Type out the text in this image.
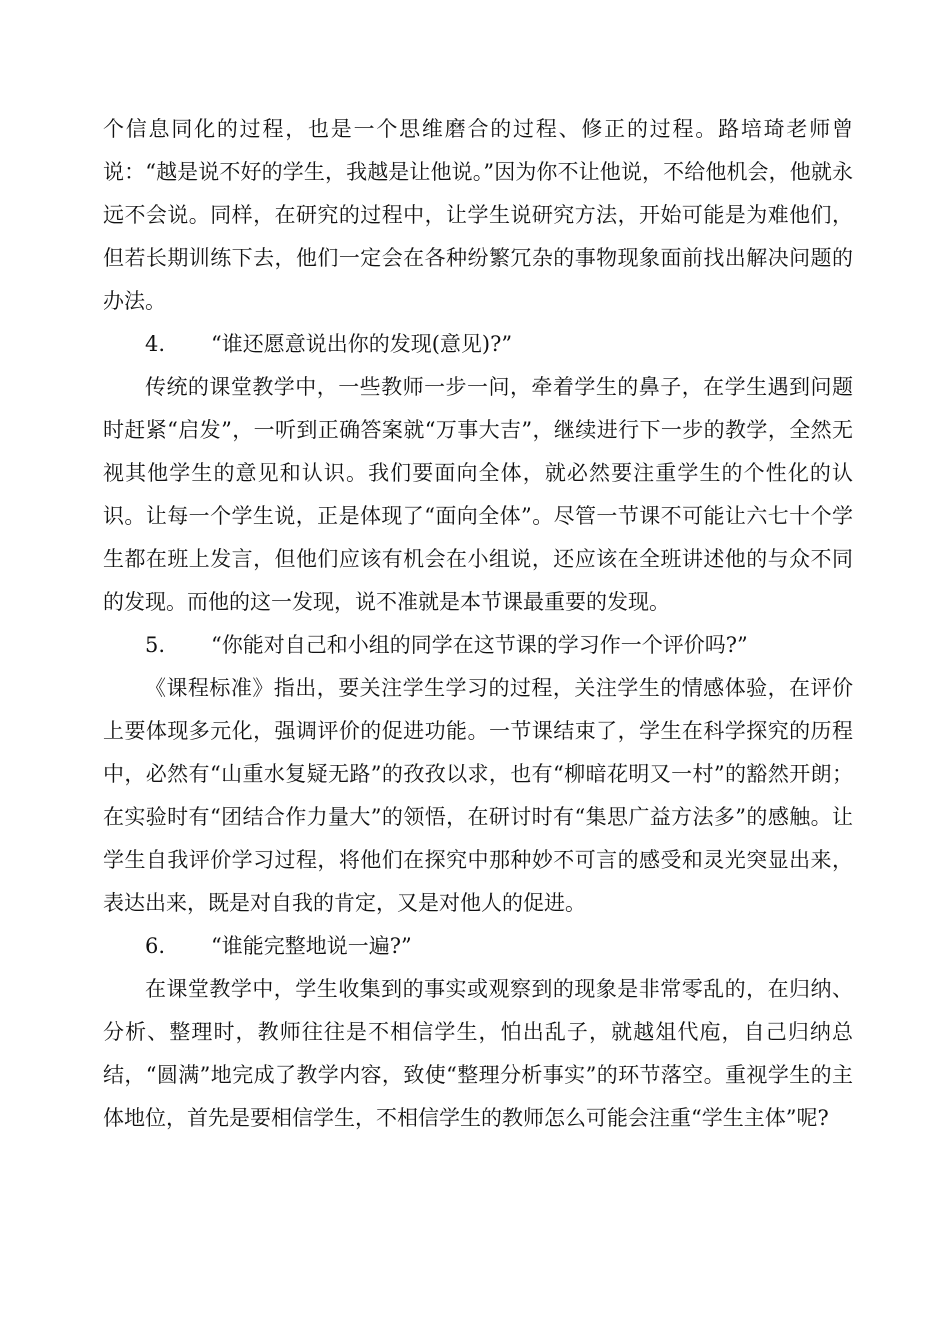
个信息同化的过程，也是一个思维磨合的过程、修正的过程。路培琦老师曾说：“越是说不好的学生，我越是让他说。”因为你不让他说，不给他机会，他就永远不会说。同样，在研究的过程中，让学生说研究方法，开始可能是为难他们，但若长期训练下去，他们一定会在各种纷繁冗杂的事物现象面前找出解决问题的办法。

4. “谁还愿意说出你的发现(意见)?”

传统的课堂教学中，一些教师一步一问，牵着学生的鼻子，在学生遇到问题时赶紧“启发”，一听到正确答案就“万事大吉”，继续进行下一步的教学，全然无视其他学生的意见和认识。我们要面向全体，就必然要注重学生的个性化的认识。让每一个学生说，正是体现了“面向全体”。尽管一节课不可能让六七十个学生都在班上发言，但他们应该有机会在小组说，还应该在全班讲述他的与众不同的发现。而他的这一发现，说不准就是本节课最重要的发现。

5. “你能对自己和小组的同学在这节课的学习作一个评价吗?”

《课程标准》指出，要关注学生学习的过程，关注学生的情感体验，在评价上要体现多元化，强调评价的促进功能。一节课结束了，学生在科学探究的历程中，必然有“山重水复疑无路”的孜孜以求，也有“柳暗花明又一村”的豁然开朗；在实验时有“团结合作力量大”的领悟，在研讨时有“集思广益方法多”的感触。让学生自我评价学习过程，将他们在探究中那种妙不可言的感受和灵光突显出来，表达出来，既是对自我的肯定，又是对他人的促进。

6. “谁能完整地说一遍?”

在课堂教学中，学生收集到的事实或观察到的现象是非常零乱的，在归纳、分析、整理时，教师往往是不相信学生，怕出乱子，就越俎代庖，自己归纳总结，“圆满”地完成了教学内容，致使“整理分析事实”的环节落空。重视学生的主体地位，首先是要相信学生，不相信学生的教师怎么可能会注重“学生主体”呢?
